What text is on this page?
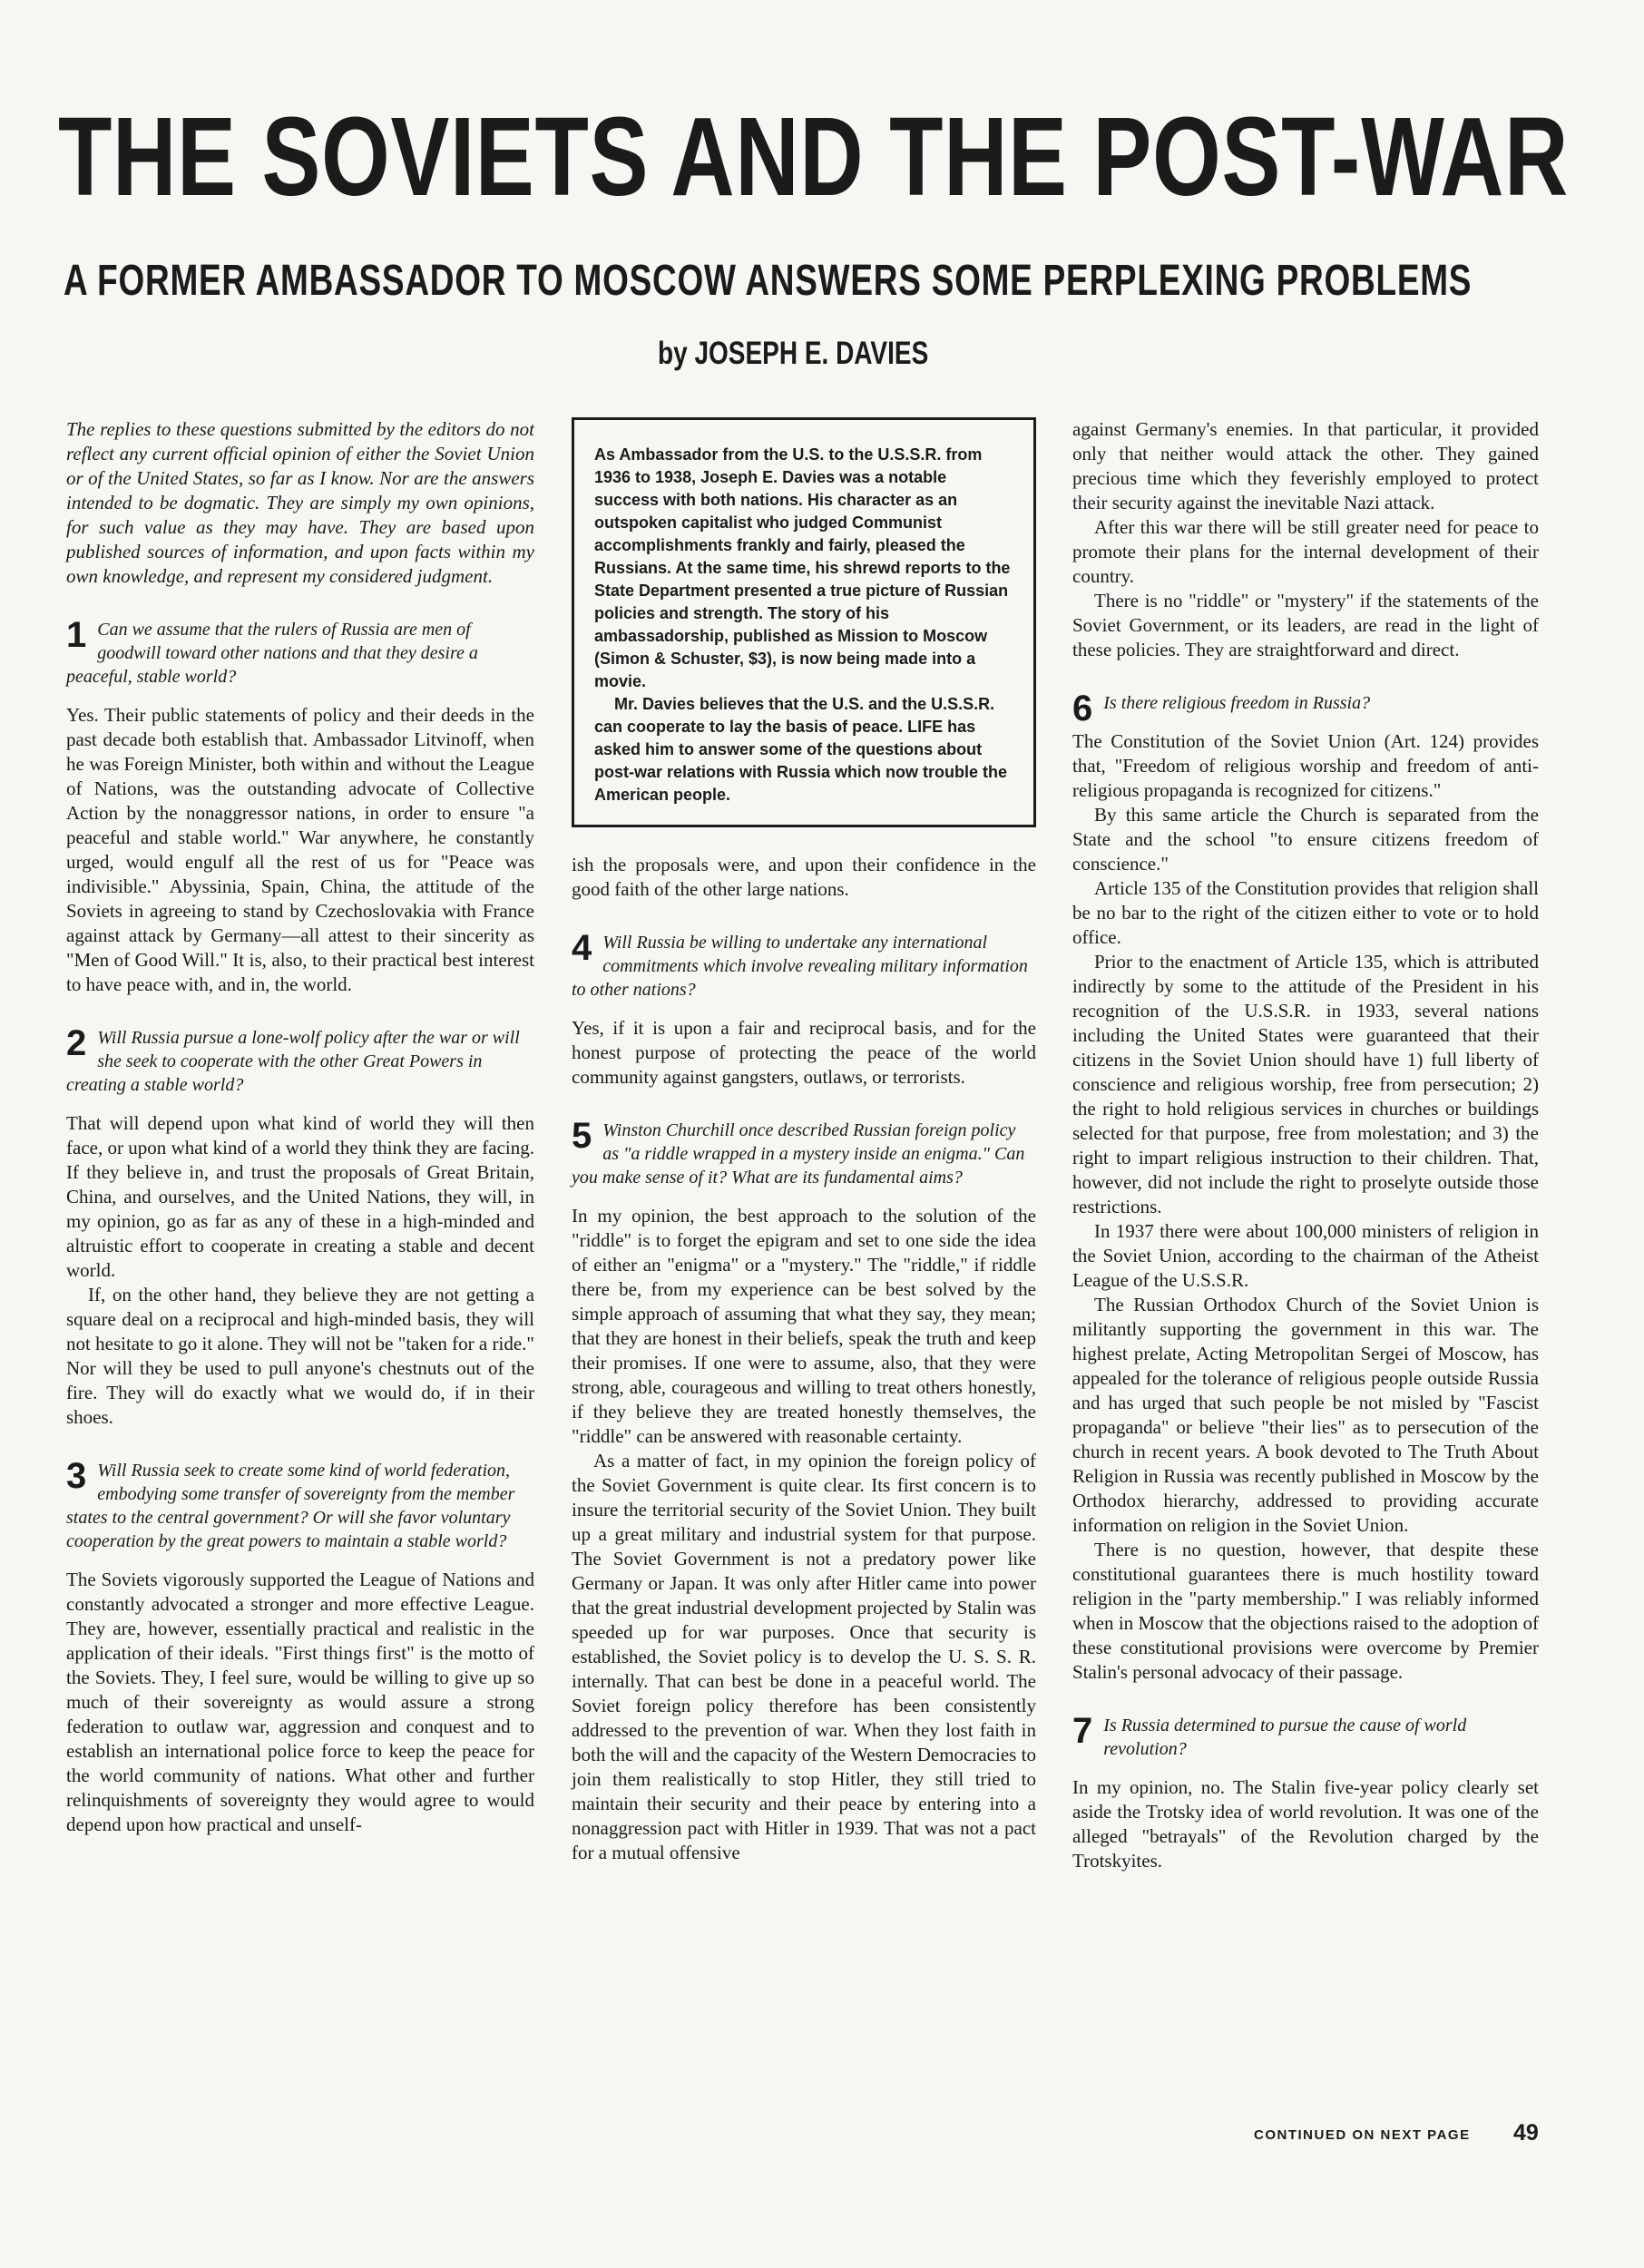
THE SOVIETS AND THE POST-WAR
A FORMER AMBASSADOR TO MOSCOW ANSWERS SOME PERPLEXING PROBLEMS
by JOSEPH E. DAVIES

The replies to these questions submitted by the editors do not reflect any current official opinion of either the Soviet Union or of the United States, so far as I know. Nor are the answers intended to be dogmatic. They are simply my own opinions, for such value as they may have. They are based upon published sources of information, and upon facts within my own knowledge, and represent my considered judgment.

1 Can we assume that the rulers of Russia are men of goodwill toward other nations and that they desire a peaceful, stable world?

Yes. Their public statements of policy and their deeds in the past decade both establish that. Ambassador Litvinoff, when he was Foreign Minister, both within and without the League of Nations, was the outstanding advocate of Collective Action by the nonaggressor nations, in order to ensure "a peaceful and stable world." War anywhere, he constantly urged, would engulf all the rest of us for "Peace was indivisible." Abyssinia, Spain, China, the attitude of the Soviets in agreeing to stand by Czechoslovakia with France against attack by Germany—all attest to their sincerity as "Men of Good Will." It is, also, to their practical best interest to have peace with, and in, the world.

2 Will Russia pursue a lone-wolf policy after the war or will she seek to cooperate with the other Great Powers in creating a stable world?

That will depend upon what kind of world they will then face, or upon what kind of a world they think they are facing. If they believe in, and trust the proposals of Great Britain, China, and ourselves, and the United Nations, they will, in my opinion, go as far as any of these in a high-minded and altruistic effort to cooperate in creating a stable and decent world.

If, on the other hand, they believe they are not getting a square deal on a reciprocal and high-minded basis, they will not hesitate to go it alone. They will not be "taken for a ride." Nor will they be used to pull anyone's chestnuts out of the fire. They will do exactly what we would do, if in their shoes.

3 Will Russia seek to create some kind of world federation, embodying some transfer of sovereignty from the member states to the central government? Or will she favor voluntary cooperation by the great powers to maintain a stable world?

The Soviets vigorously supported the League of Nations and constantly advocated a stronger and more effective League. They are, however, essentially practical and realistic in the application of their ideals. "First things first" is the motto of the Soviets. They, I feel sure, would be willing to give up so much of their sovereignty as would assure a strong federation to outlaw war, aggression and conquest and to establish an international police force to keep the peace for the world community of nations. What other and further relinquishments of sovereignty they would agree to would depend upon how practical and unself-

As Ambassador from the U.S. to the U.S.S.R. from 1936 to 1938, Joseph E. Davies was a notable success with both nations. His character as an outspoken capitalist who judged Communist accomplishments frankly and fairly, pleased the Russians. At the same time, his shrewd reports to the State Department presented a true picture of Russian policies and strength. The story of his ambassadorship, published as Mission to Moscow (Simon & Schuster, $3), is now being made into a movie.

Mr. Davies believes that the U.S. and the U.S.S.R. can cooperate to lay the basis of peace. LIFE has asked him to answer some of the questions about post-war relations with Russia which now trouble the American people.

ish the proposals were, and upon their confidence in the good faith of the other large nations.

4 Will Russia be willing to undertake any international commitments which involve revealing military information to other nations?

Yes, if it is upon a fair and reciprocal basis, and for the honest purpose of protecting the peace of the world community against gangsters, outlaws, or terrorists.

5 Winston Churchill once described Russian foreign policy as "a riddle wrapped in a mystery inside an enigma." Can you make sense of it? What are its fundamental aims?

In my opinion, the best approach to the solution of the "riddle" is to forget the epigram and set to one side the idea of either an "enigma" or a "mystery." The "riddle," if riddle there be, from my experience can be best solved by the simple approach of assuming that what they say, they mean; that they are honest in their beliefs, speak the truth and keep their promises. If one were to assume, also, that they were strong, able, courageous and willing to treat others honestly, if they believe they are treated honestly themselves, the "riddle" can be answered with reasonable certainty.

As a matter of fact, in my opinion the foreign policy of the Soviet Government is quite clear. Its first concern is to insure the territorial security of the Soviet Union. They built up a great military and industrial system for that purpose. The Soviet Government is not a predatory power like Germany or Japan. It was only after Hitler came into power that the great industrial development projected by Stalin was speeded up for war purposes. Once that security is established, the Soviet policy is to develop the U. S. S. R. internally. That can best be done in a peaceful world. The Soviet foreign policy therefore has been consistently addressed to the prevention of war. When they lost faith in both the will and the capacity of the Western Democracies to join them realistically to stop Hitler, they still tried to maintain their security and their peace by entering into a nonaggression pact with Hitler in 1939. That was not a pact for a mutual offensive

against Germany's enemies. In that particular, it provided only that neither would attack the other. They gained precious time which they feverishly employed to protect their security against the inevitable Nazi attack.

After this war there will be still greater need for peace to promote their plans for the internal development of their country.

There is no "riddle" or "mystery" if the statements of the Soviet Government, or its leaders, are read in the light of these policies. They are straightforward and direct.

6 Is there religious freedom in Russia?

The Constitution of the Soviet Union (Art. 124) provides that, "Freedom of religious worship and freedom of anti-religious propaganda is recognized for citizens."

By this same article the Church is separated from the State and the school "to ensure citizens freedom of conscience."

Article 135 of the Constitution provides that religion shall be no bar to the right of the citizen either to vote or to hold office.

Prior to the enactment of Article 135, which is attributed indirectly by some to the attitude of the President in his recognition of the U.S.S.R. in 1933, several nations including the United States were guaranteed that their citizens in the Soviet Union should have 1) full liberty of conscience and religious worship, free from persecution; 2) the right to hold religious services in churches or buildings selected for that purpose, free from molestation; and 3) the right to impart religious instruction to their children. That, however, did not include the right to proselyte outside those restrictions.

In 1937 there were about 100,000 ministers of religion in the Soviet Union, according to the chairman of the Atheist League of the U.S.S.R.

The Russian Orthodox Church of the Soviet Union is militantly supporting the government in this war. The highest prelate, Acting Metropolitan Sergei of Moscow, has appealed for the tolerance of religious people outside Russia and has urged that such people be not misled by "Fascist propaganda" or believe "their lies" as to persecution of the church in recent years. A book devoted to The Truth About Religion in Russia was recently published in Moscow by the Orthodox hierarchy, addressed to providing accurate information on religion in the Soviet Union.

There is no question, however, that despite these constitutional guarantees there is much hostility toward religion in the "party membership." I was reliably informed when in Moscow that the objections raised to the adoption of these constitutional provisions were overcome by Premier Stalin's personal advocacy of their passage.

7 Is Russia determined to pursue the cause of world revolution?

In my opinion, no. The Stalin five-year policy clearly set aside the Trotsky idea of world revolution. It was one of the alleged "betrayals" of the Revolution charged by the Trotskyites.

CONTINUED ON NEXT PAGE 49
